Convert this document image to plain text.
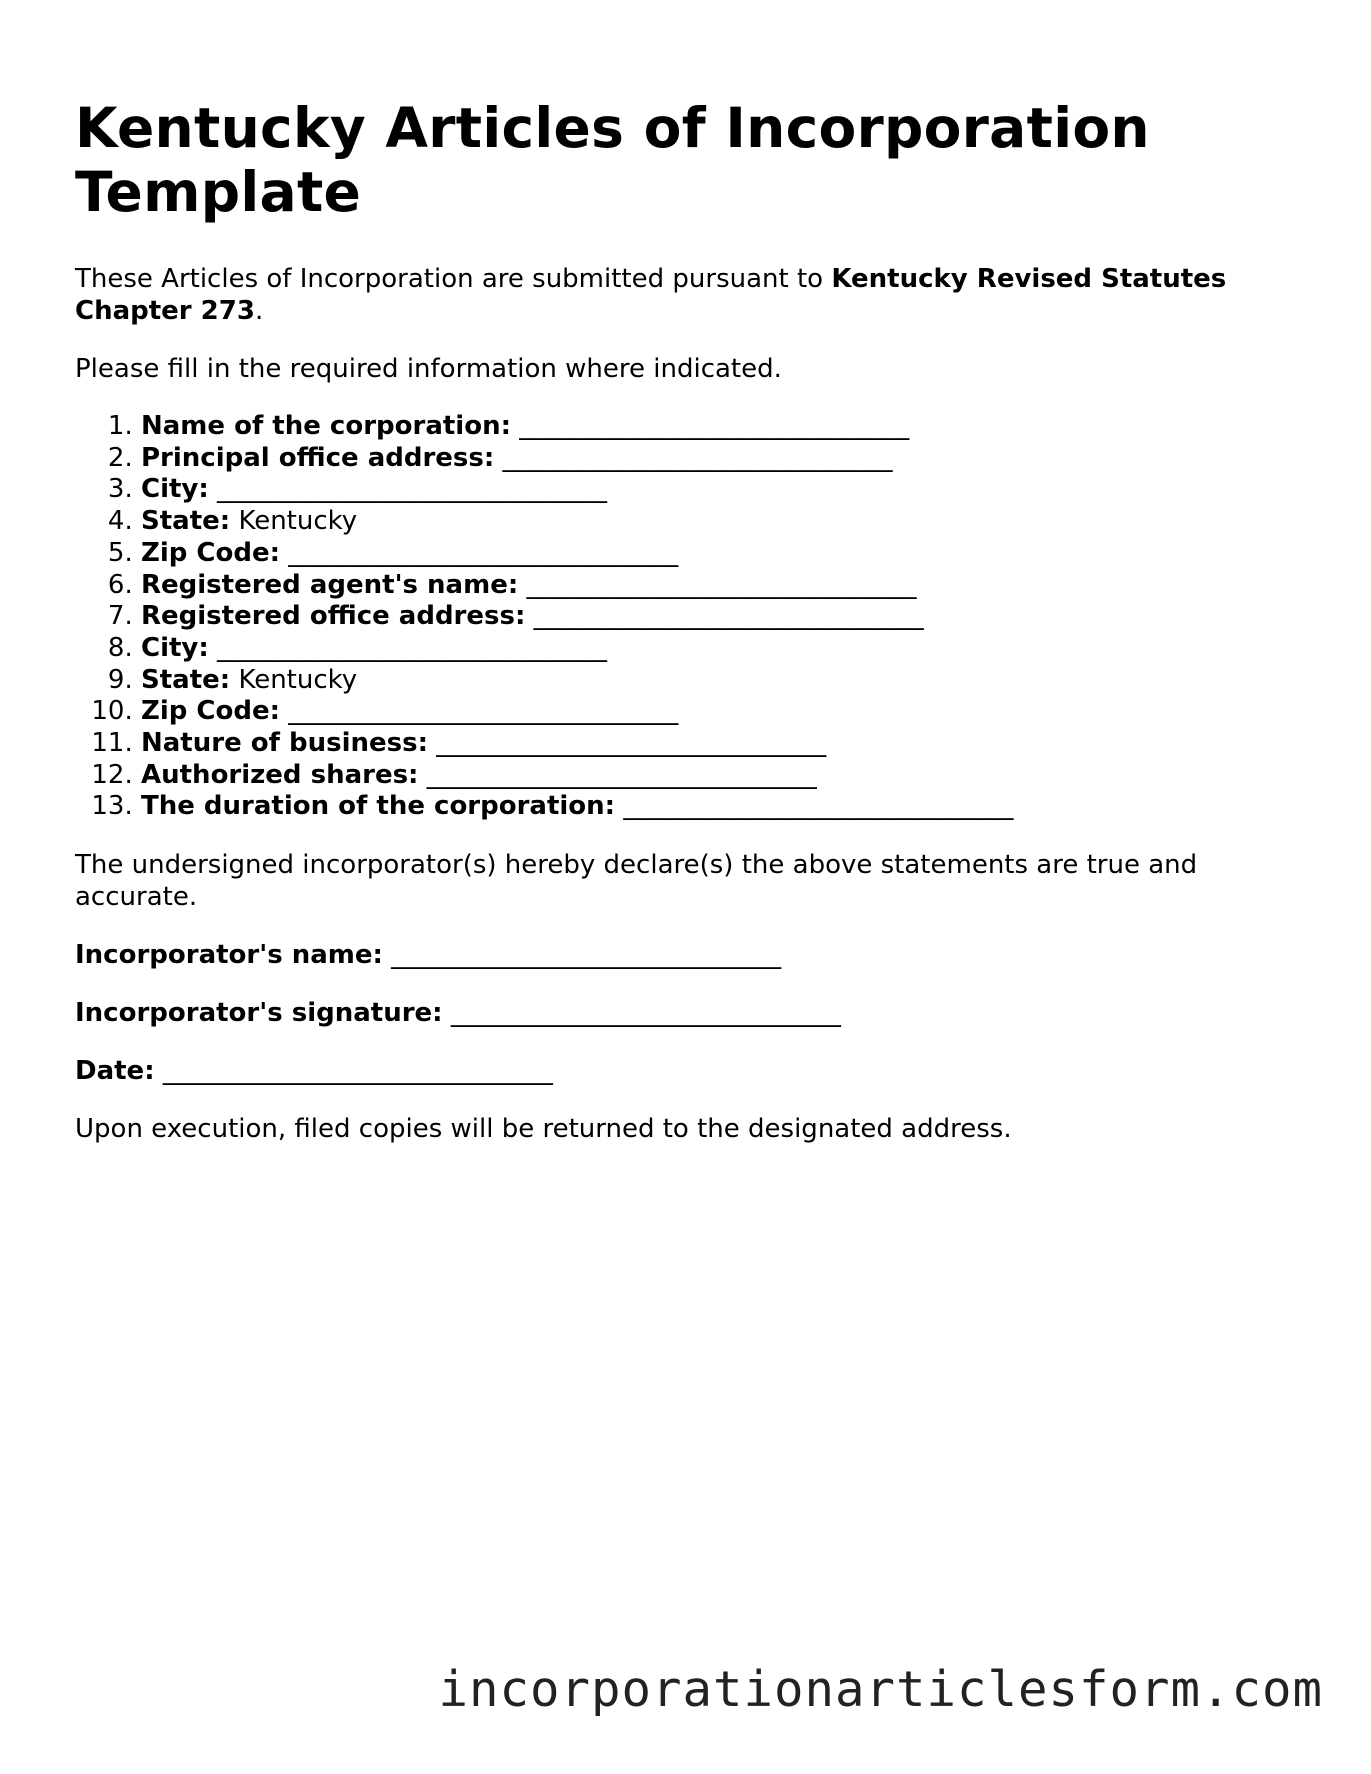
Kentucky Articles of Incorporation Template

These Articles of Incorporation are submitted pursuant to Kentucky Revised Statutes Chapter 273.

Please fill in the required information where indicated.

1. Name of the corporation: ______________________________
2. Principal office address: ______________________________
3. City: ______________________________
4. State: Kentucky
5. Zip Code: ______________________________
6. Registered agent's name: ______________________________
7. Registered office address: ______________________________
8. City: ______________________________
9. State: Kentucky
10. Zip Code: ______________________________
11. Nature of business: ______________________________
12. Authorized shares: ______________________________
13. The duration of the corporation: ______________________________

The undersigned incorporator(s) hereby declare(s) the above statements are true and accurate.

Incorporator's name: ______________________________

Incorporator's signature: ______________________________

Date: ______________________________

Upon execution, filed copies will be returned to the designated address.

incorporationarticlesform.com
